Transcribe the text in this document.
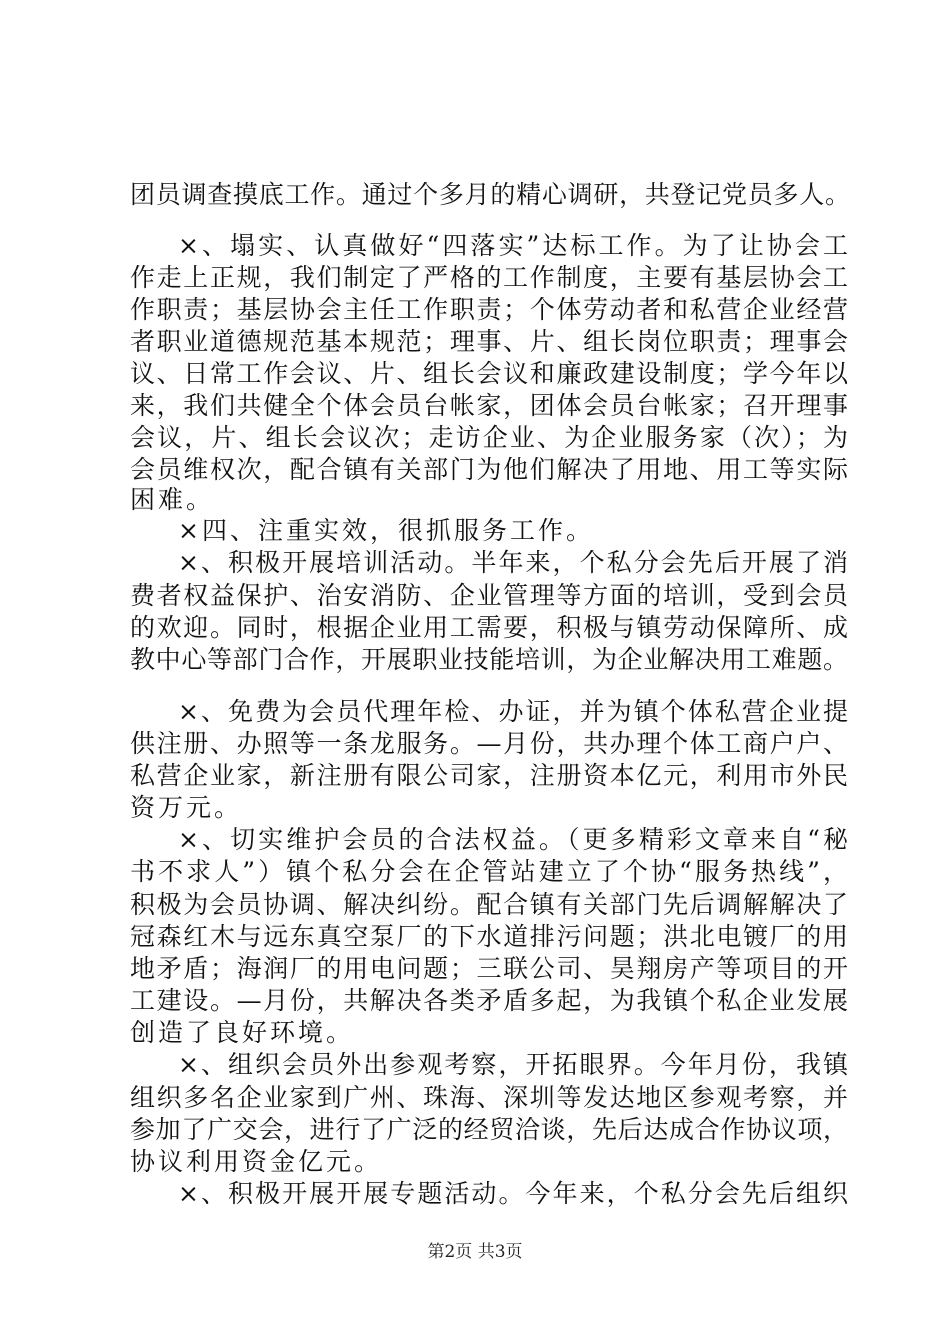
团员调查摸底工作。通过个多月的精心调研，共登记党员多人。
×、塌实、认真做好“四落实”达标工作。为了让协会工
作走上正规，我们制定了严格的工作制度，主要有基层协会工
作职责；基层协会主任工作职责；个体劳动者和私营企业经营
者职业道德规范基本规范；理事、片、组长岗位职责；理事会
议、日常工作会议、片、组长会议和廉政建设制度；学今年以
来，我们共健全个体会员台帐家，团体会员台帐家；召开理事
会议，片、组长会议次；走访企业、为企业服务家（次）；为
会员维权次，配合镇有关部门为他们解决了用地、用工等实际
困难。
×四、注重实效，很抓服务工作。
×、积极开展培训活动。半年来，个私分会先后开展了消
费者权益保护、治安消防、企业管理等方面的培训，受到会员
的欢迎。同时，根据企业用工需要，积极与镇劳动保障所、成
教中心等部门合作，开展职业技能培训，为企业解决用工难题。
×、免费为会员代理年检、办证，并为镇个体私营企业提
供注册、办照等一条龙服务。—月份，共办理个体工商户户、
私营企业家，新注册有限公司家，注册资本亿元，利用市外民
资万元。
×、切实维护会员的合法权益。（更多精彩文章来自“秘
书不求人”）镇个私分会在企管站建立了个协“服务热线”，
积极为会员协调、解决纠纷。配合镇有关部门先后调解解决了
冠森红木与远东真空泵厂的下水道排污问题；洪北电镀厂的用
地矛盾；海润厂的用电问题；三联公司、昊翔房产等项目的开
工建设。—月份，共解决各类矛盾多起，为我镇个私企业发展
创造了良好环境。
×、组织会员外出参观考察，开拓眼界。今年月份，我镇
组织多名企业家到广州、珠海、深圳等发达地区参观考察，并
参加了广交会，进行了广泛的经贸洽谈，先后达成合作协议项，
协议利用资金亿元。
×、积极开展开展专题活动。今年来，个私分会先后组织
第2页 共3页
